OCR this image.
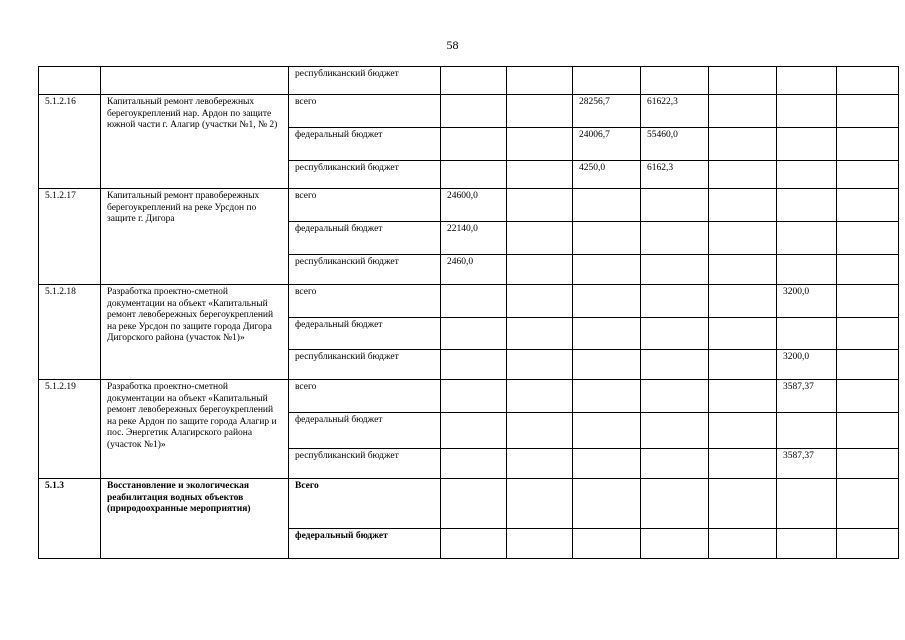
58
		республиканский бюджет								
5.1.2.16	Капитальный ремонт левобережных берегоукреплений нар. Ардон по защите южной части г. Алагир (участки №1, № 2)	всего			28256,7	61622,3				
		федеральный бюджет			24006,7	55460,0				
		республиканский бюджет			4250,0	6162,3				
5.1.2.17	Капитальный ремонт правобережных берегоукреплений на реке Урсдон по защите г. Дигора	всего	24600,0							
		федеральный бюджет	22140,0							
		республиканский бюджет	2460,0							
5.1.2.18	Разработка проектно-сметной документации на объект «Капитальный ремонт левобережных берегоукреплений на реке Урсдон по защите города Дигора Дигорского района (участок №1)»	всего						3200,0		
		федеральный бюджет								
		республиканский бюджет						3200,0		
5.1.2.19	Разработка проектно-сметной документации на объект «Капитальный ремонт левобережных берегоукреплений на реке Ардон по защите города Алагир и пос. Энергетик Алагирского района (участок №1)»	всего						3587,37		
		федеральный бюджет								
		республиканский бюджет						3587,37		
5.1.3	Восстановление и экологическая реабилитация водных объектов (природоохранные мероприятия)	Всего								
		федеральный бюджет								
